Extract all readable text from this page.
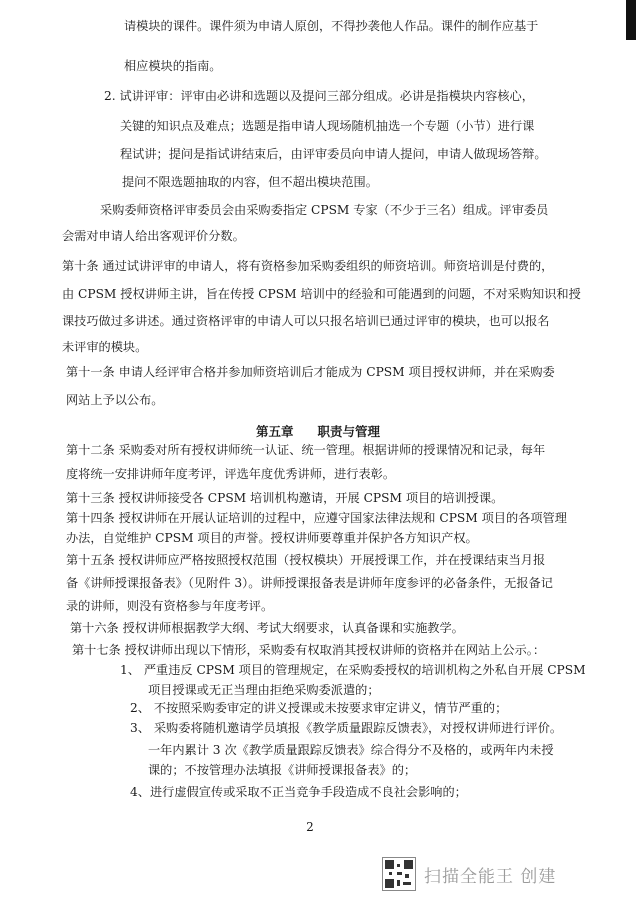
请模块的课件。课件须为申请人原创，不得抄袭他人作品。课件的制作应基于
相应模块的指南。
2. 试讲评审：评审由必讲和选题以及提问三部分组成。必讲是指模块内容核心，
关键的知识点及难点；选题是指申请人现场随机抽选一个专题（小节）进行课
程试讲；提问是指试讲结束后，由评审委员向申请人提问，申请人做现场答辩。
提问不限选题抽取的内容，但不超出模块范围。
采购委师资格评审委员会由采购委指定 CPSM 专家（不少于三名）组成。评审委员
会需对申请人给出客观评价分数。
第十条 通过试讲评审的申请人，将有资格参加采购委组织的师资培训。师资培训是付费的，
由 CPSM 授权讲师主讲，旨在传授 CPSM 培训中的经验和可能遇到的问题，不对采购知识和授
课技巧做过多讲述。通过资格评审的申请人可以只报名培训已通过评审的模块，也可以报名
未评审的模块。
第十一条 申请人经评审合格并参加师资培训后才能成为 CPSM 项目授权讲师，并在采购委
网站上予以公布。
第五章 职责与管理
第十二条 采购委对所有授权讲师统一认证、统一管理。根据讲师的授课情况和记录，每年
度将统一安排讲师年度考评，评选年度优秀讲师，进行表彰。
第十三条 授权讲师接受各 CPSM 培训机构邀请，开展 CPSM 项目的培训授课。
第十四条 授权讲师在开展认证培训的过程中，应遵守国家法律法规和 CPSM 项目的各项管理
办法，自觉维护 CPSM 项目的声誉。授权讲师要尊重并保护各方知识产权。
第十五条 授权讲师应严格按照授权范围（授权模块）开展授课工作，并在授课结束当月报
备《讲师授课报备表》（见附件 3）。讲师授课报备表是讲师年度参评的必备条件，无报备记
录的讲师，则没有资格参与年度考评。
第十六条 授权讲师根据教学大纲、考试大纲要求，认真备课和实施教学。
第十七条 授权讲师出现以下情形，采购委有权取消其授权讲师的资格并在网站上公示。：
1、 严重违反 CPSM 项目的管理规定，在采购委授权的培训机构之外私自开展 CPSM
项目授课或无正当理由拒绝采购委派遣的；
2、 不按照采购委审定的讲义授课或未按要求审定讲义，情节严重的；
3、 采购委将随机邀请学员填报《教学质量跟踪反馈表》，对授权讲师进行评价。
一年内累计 3 次《教学质量跟踪反馈表》综合得分不及格的，或两年内未授
课的；不按管理办法填报《讲师授课报备表》的；
4、进行虚假宣传或采取不正当竞争手段造成不良社会影响的；
2
扫描全能王 创建
